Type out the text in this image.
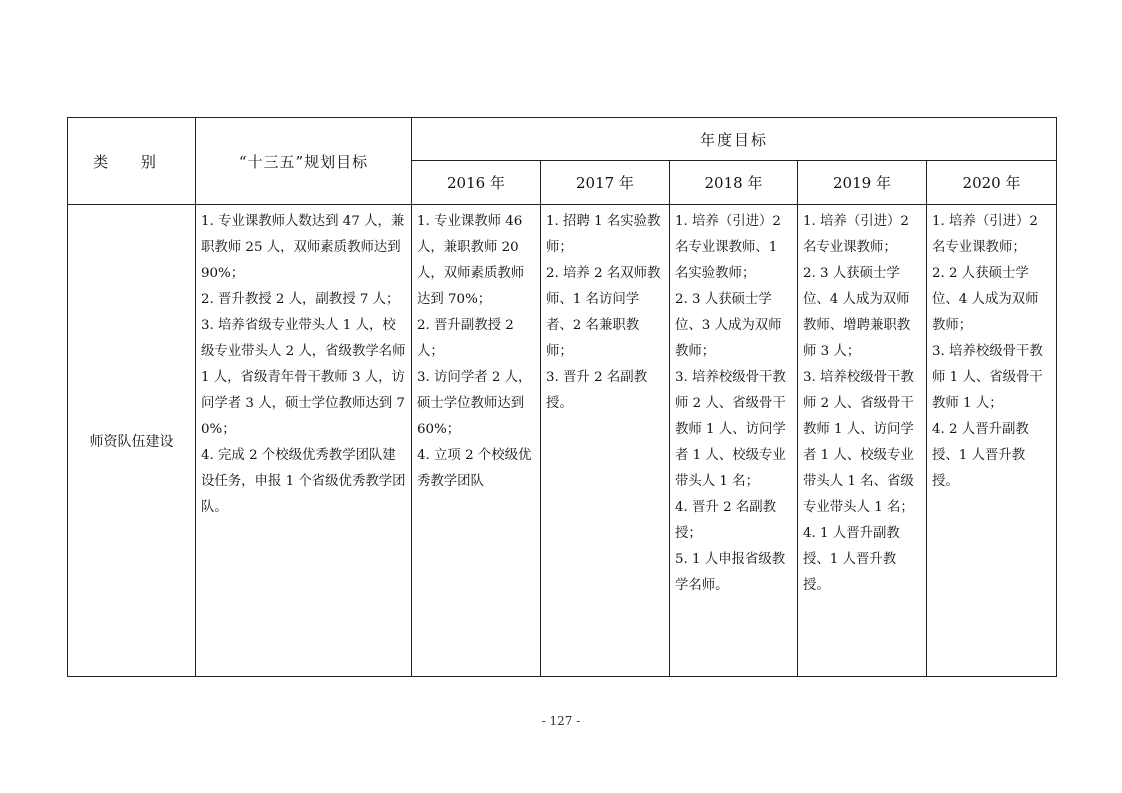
类 别	“十三五”规划目标	年度目标				
		2016 年	2017 年	2018 年	2019 年	2020 年
师资队伍建设	1. 专业课教师人数达到 47 人，兼职教师 25 人，双师素质教师达到 90%；
2. 晋升教授 2 人，副教授 7 人；
3. 培养省级专业带头人 1 人，校级专业带头人 2 人，省级教学名师 1 人，省级青年骨干教师 3 人，访问学者 3 人，硕士学位教师达到 70%；
4. 完成 2 个校级优秀教学团队建设任务，申报 1 个省级优秀教学团队。	1. 专业课教师 46 人，兼职教师 20 人，双师素质教师达到 70%；
2. 晋升副教授 2 人；
3. 访问学者 2 人，硕士学位教师达到 60%；
4. 立项 2 个校级优秀教学团队	1. 招聘 1 名实验教师；
2. 培养 2 名双师教师、1 名访问学者、2 名兼职教师；
3. 晋升 2 名副教授。	1. 培养（引进）2 名专业课教师、1 名实验教师；
2. 3 人获硕士学位、3 人成为双师教师；
3. 培养校级骨干教师 2 人、省级骨干教师 1 人、访问学者 1 人、校级专业带头人 1 名；
4. 晋升 2 名副教授；
5. 1 人申报省级教学名师。	1. 培养（引进）2 名专业课教师；
2. 3 人获硕士学位、4 人成为双师教师、增聘兼职教师 3 人；
3. 培养校级骨干教师 2 人、省级骨干教师 1 人、访问学者 1 人、校级专业带头人 1 名、省级专业带头人 1 名；
4. 1 人晋升副教授、1 人晋升教授。	1. 培养（引进）2 名专业课教师；
2. 2 人获硕士学位、4 人成为双师教师；
3. 培养校级骨干教师 1 人、省级骨干教师 1 人；
4. 2 人晋升副教授、1 人晋升教授。
- 127 -
